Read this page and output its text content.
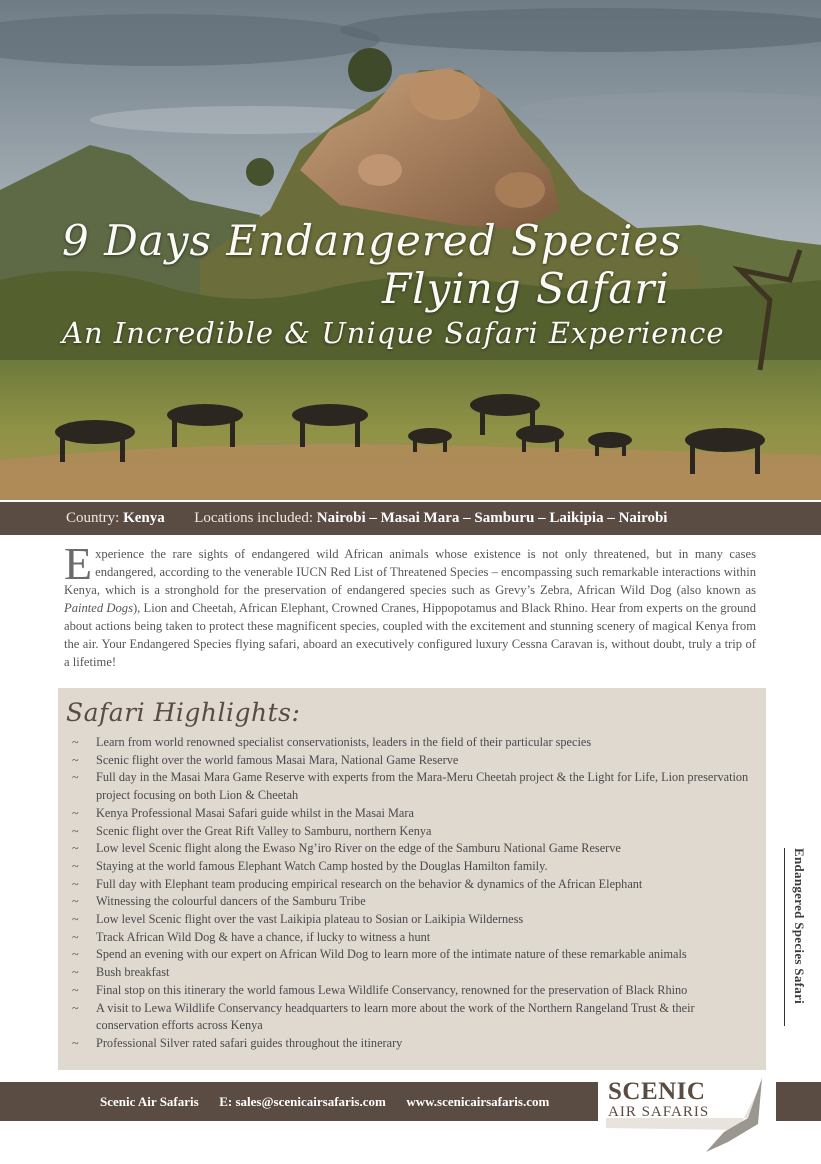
9 Days Endangered Species
Flying Safari
An Incredible & Unique Safari Experience
Country: Kenya Locations included: Nairobi – Masai Mara – Samburu – Laikipia – Nairobi
Experience the rare sights of endangered wild African animals whose existence is not only threatened, but in many cases endangered, according to the venerable IUCN Red List of Threatened Species – encompassing such remarkable interactions within Kenya, which is a stronghold for the preservation of endangered species such as Grevy’s Zebra, African Wild Dog (also known as Painted Dogs), Lion and Cheetah, African Elephant, Crowned Cranes, Hippopotamus and Black Rhino. Hear from experts on the ground about actions being taken to protect these magnificent species, coupled with the excitement and stunning scenery of magical Kenya from the air. Your Endangered Species flying safari, aboard an executively configured luxury Cessna Caravan is, without doubt, truly a trip of a lifetime!
Safari Highlights:
~ Learn from world renowned specialist conservationists, leaders in the field of their particular species
~ Scenic flight over the world famous Masai Mara, National Game Reserve
~ Full day in the Masai Mara Game Reserve with experts from the Mara-Meru Cheetah project & the Light for Life, Lion preservation project focusing on both Lion & Cheetah
~ Kenya Professional Masai Safari guide whilst in the Masai Mara
~ Scenic flight over the Great Rift Valley to Samburu, northern Kenya
~ Low level Scenic flight along the Ewaso Ng’iro River on the edge of the Samburu National Game Reserve
~ Staying at the world famous Elephant Watch Camp hosted by the Douglas Hamilton family.
~ Full day with Elephant team producing empirical research on the behavior & dynamics of the African Elephant
~ Witnessing the colourful dancers of the Samburu Tribe
~ Low level Scenic flight over the vast Laikipia plateau to Sosian or Laikipia Wilderness
~ Track African Wild Dog & have a chance, if lucky to witness a hunt
~ Spend an evening with our expert on African Wild Dog to learn more of the intimate nature of these remarkable animals
~ Bush breakfast
~ Final stop on this itinerary the world famous Lewa Wildlife Conservancy, renowned for the preservation of Black Rhino
~ A visit to Lewa Wildlife Conservancy headquarters to learn more about the work of the Northern Rangeland Trust & their conservation efforts across Kenya
~ Professional Silver rated safari guides throughout the itinerary
Endangered Species Safari
Scenic Air Safaris E: sales@scenicairsafaris.com www.scenicairsafaris.com SCENIC
AIR SAFARIS
